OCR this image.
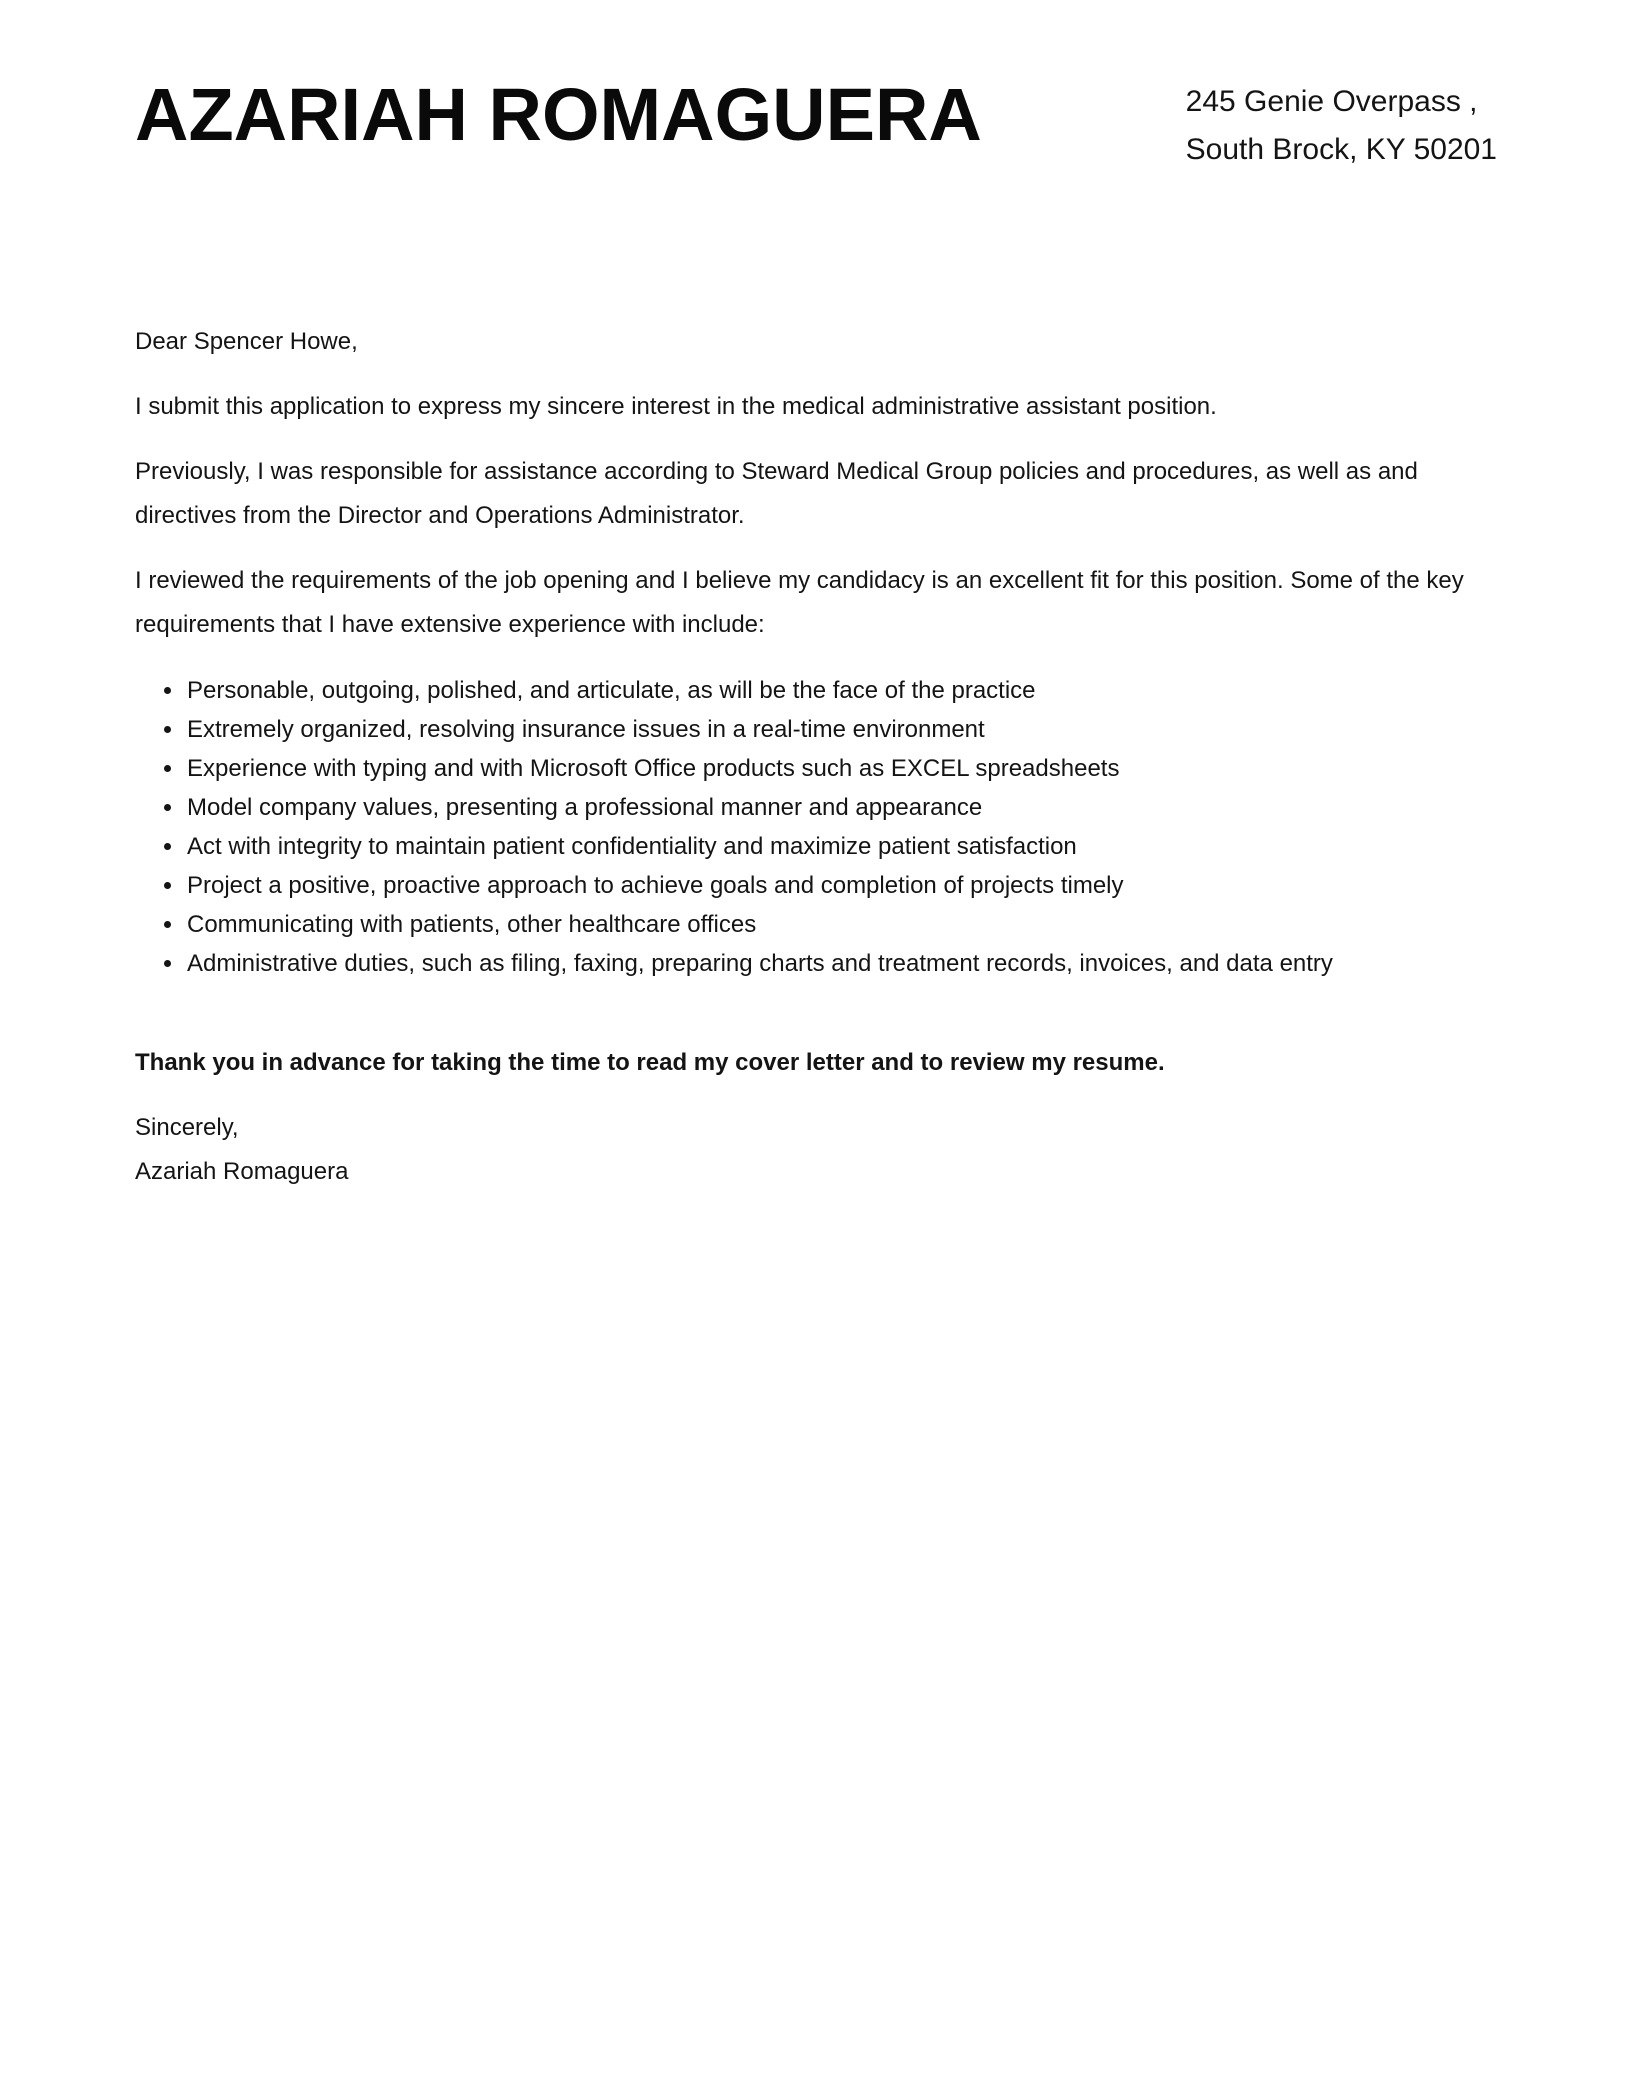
AZARIAH ROMAGUERA	245 Genie Overpass ,
South Brock, KY 50201

Dear Spencer Howe,

I submit this application to express my sincere interest in the medical administrative assistant position.

Previously, I was responsible for assistance according to Steward Medical Group policies and procedures, as well as and directives from the Director and Operations Administrator.

I reviewed the requirements of the job opening and I believe my candidacy is an excellent fit for this position. Some of the key requirements that I have extensive experience with include:

• Personable, outgoing, polished, and articulate, as will be the face of the practice
• Extremely organized, resolving insurance issues in a real-time environment
• Experience with typing and with Microsoft Office products such as EXCEL spreadsheets
• Model company values, presenting a professional manner and appearance
• Act with integrity to maintain patient confidentiality and maximize patient satisfaction
• Project a positive, proactive approach to achieve goals and completion of projects timely
• Communicating with patients, other healthcare offices
• Administrative duties, such as filing, faxing, preparing charts and treatment records, invoices, and data entry

Thank you in advance for taking the time to read my cover letter and to review my resume.

Sincerely,
Azariah Romaguera
